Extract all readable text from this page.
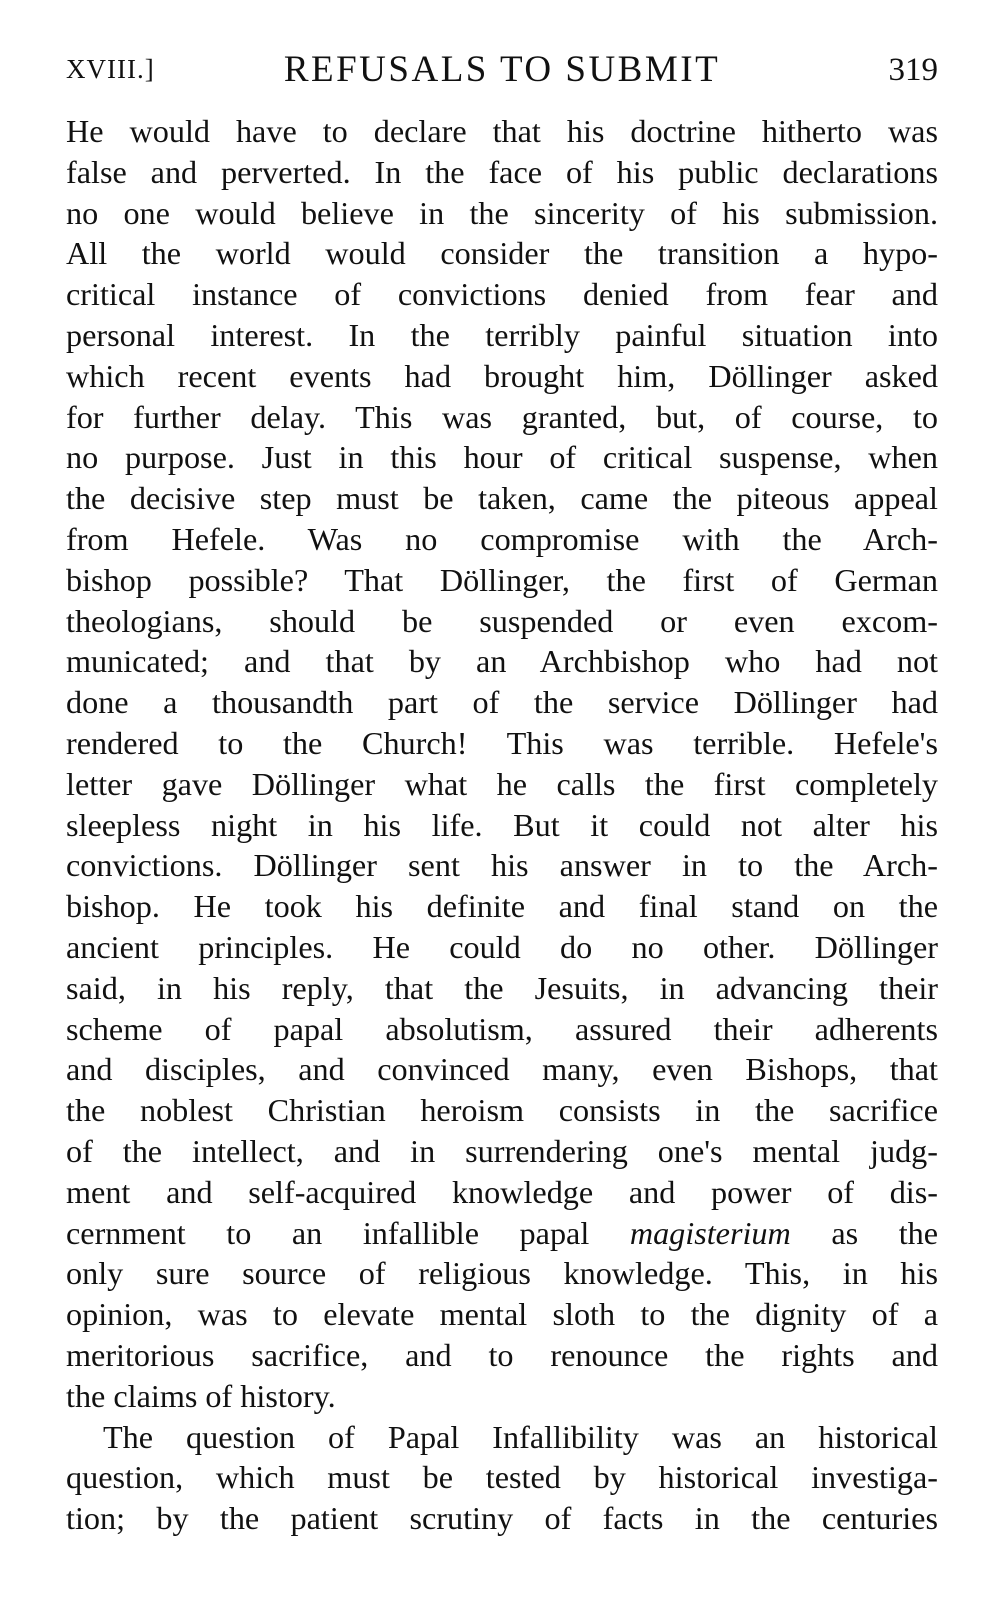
XVIII.]	REFUSALS TO SUBMIT	319
He would have to declare that his doctrine hitherto was
false and perverted. In the face of his public declarations
no one would believe in the sincerity of his submission.
All the world would consider the transition a hypo-
critical instance of convictions denied from fear and
personal interest. In the terribly painful situation into
which recent events had brought him, Döllinger asked
for further delay. This was granted, but, of course, to
no purpose. Just in this hour of critical suspense, when
the decisive step must be taken, came the piteous appeal
from Hefele. Was no compromise with the Arch-
bishop possible? That Döllinger, the first of German
theologians, should be suspended or even excom-
municated; and that by an Archbishop who had not
done a thousandth part of the service Döllinger had
rendered to the Church! This was terrible. Hefele's
letter gave Döllinger what he calls the first completely
sleepless night in his life. But it could not alter his
convictions. Döllinger sent his answer in to the Arch-
bishop. He took his definite and final stand on the
ancient principles. He could do no other. Döllinger
said, in his reply, that the Jesuits, in advancing their
scheme of papal absolutism, assured their adherents
and disciples, and convinced many, even Bishops, that
the noblest Christian heroism consists in the sacrifice
of the intellect, and in surrendering one's mental judg-
ment and self-acquired knowledge and power of dis-
cernment to an infallible papal magisterium as the
only sure source of religious knowledge. This, in his
opinion, was to elevate mental sloth to the dignity of a
meritorious sacrifice, and to renounce the rights and
the claims of history.
The question of Papal Infallibility was an historical
question, which must be tested by historical investiga-
tion; by the patient scrutiny of facts in the centuries
